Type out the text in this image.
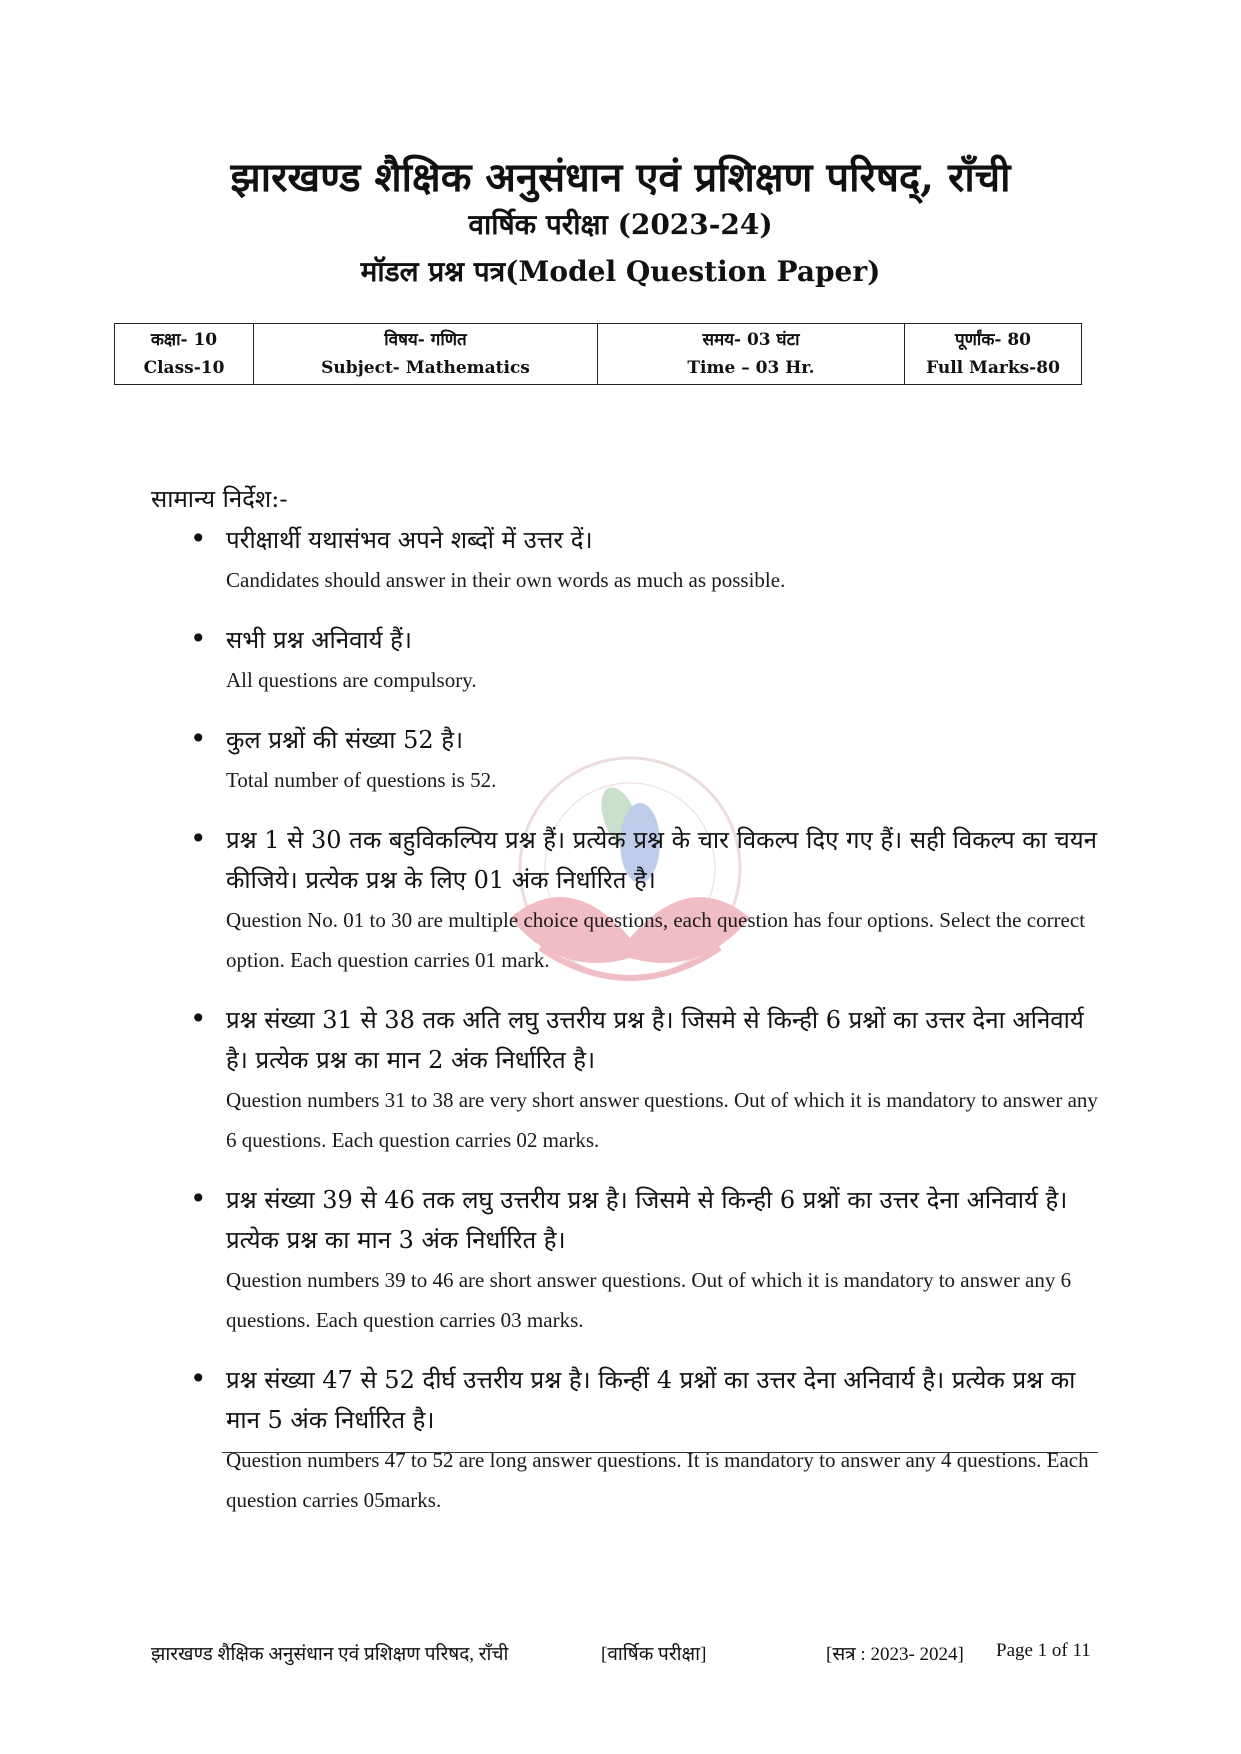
झारखण्ड शैक्षिक अनुसंधान एवं प्रशिक्षण परिषद्, राँची
वार्षिक परीक्षा (2023-24)
मॉडल प्रश्न पत्र(Model Question Paper)
कक्षा- 10
Class-10

विषय- गणित
Subject- Mathematics

समय- 03 घंटा
Time – 03 Hr.

पूर्णांक- 80
Full Marks-80
सामान्य निर्देश:-
• परीक्षार्थी यथासंभव अपने शब्दों में उत्तर दें।
Candidates should answer in their own words as much as possible.
• सभी प्रश्न अनिवार्य हैं।
All questions are compulsory.
• कुल प्रश्नों की संख्या 52 है।
Total number of questions is 52.
• प्रश्न 1 से 30 तक बहुविकल्पिय प्रश्न हैं। प्रत्येक प्रश्न के चार विकल्प दिए गए हैं। सही विकल्प का चयन कीजिये। प्रत्येक प्रश्न के लिए 01 अंक निर्धारित है।
Question No. 01 to 30 are multiple choice questions, each question has four options. Select the correct option. Each question carries 01 mark.
• प्रश्न संख्या 31 से 38 तक अति लघु उत्तरीय प्रश्न है। जिसमे से किन्ही 6 प्रश्नों का उत्तर देना अनिवार्य है। प्रत्येक प्रश्न का मान 2 अंक निर्धारित है।
Question numbers 31 to 38 are very short answer questions. Out of which it is mandatory to answer any 6 questions. Each question carries 02 marks.
• प्रश्न संख्या 39 से 46 तक लघु उत्तरीय प्रश्न है। जिसमे से किन्ही 6 प्रश्नों का उत्तर देना अनिवार्य है। प्रत्येक प्रश्न का मान 3 अंक निर्धारित है।
Question numbers 39 to 46 are short answer questions. Out of which it is mandatory to answer any 6 questions. Each question carries 03 marks.
• प्रश्न संख्या 47 से 52 दीर्घ उत्तरीय प्रश्न है। किन्हीं 4 प्रश्नों का उत्तर देना अनिवार्य है। प्रत्येक प्रश्न का मान 5 अंक निर्धारित है।
Question numbers 47 to 52 are long answer questions. It is mandatory to answer any 4 questions. Each question carries 05marks.
झारखण्ड शैक्षिक अनुसंधान एवं प्रशिक्षण परिषद, राँची	[वार्षिक परीक्षा]	[सत्र : 2023- 2024] Page 1 of 11
